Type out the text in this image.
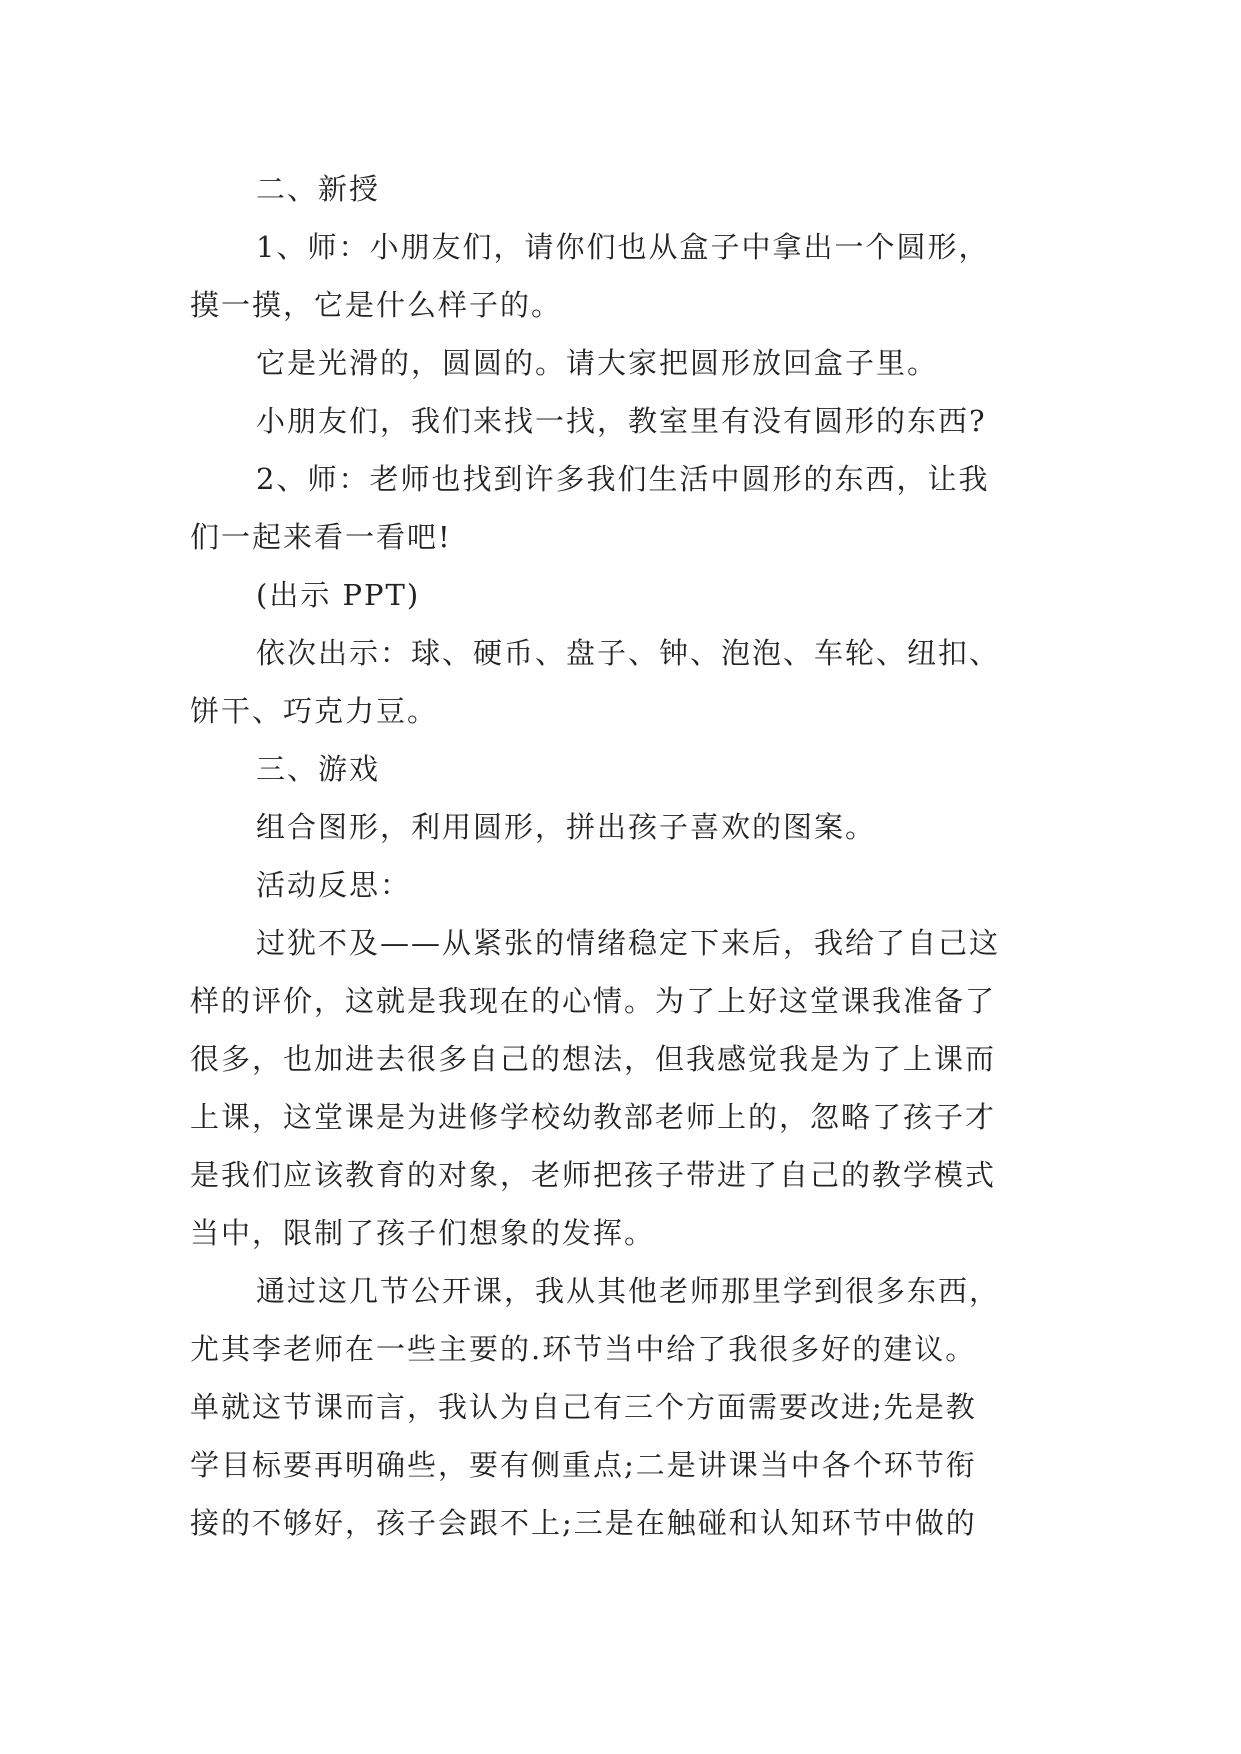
二、新授

1、师：小朋友们，请你们也从盒子中拿出一个圆形，
摸一摸，它是什么样子的。

它是光滑的，圆圆的。请大家把圆形放回盒子里。

小朋友们，我们来找一找，教室里有没有圆形的东西?

2、师：老师也找到许多我们生活中圆形的东西，让我
们一起来看一看吧!

(出示 PPT)

依次出示：球、硬币、盘子、钟、泡泡、车轮、纽扣、
饼干、巧克力豆。

三、游戏

组合图形，利用圆形，拼出孩子喜欢的图案。

活动反思：

过犹不及——从紧张的情绪稳定下来后，我给了自己这
样的评价，这就是我现在的心情。为了上好这堂课我准备了
很多，也加进去很多自己的想法，但我感觉我是为了上课而
上课，这堂课是为进修学校幼教部老师上的，忽略了孩子才
是我们应该教育的对象，老师把孩子带进了自己的教学模式
当中，限制了孩子们想象的发挥。

通过这几节公开课，我从其他老师那里学到很多东西，
尤其李老师在一些主要的.环节当中给了我很多好的建议。
单就这节课而言，我认为自己有三个方面需要改进;先是教
学目标要再明确些，要有侧重点;二是讲课当中各个环节衔
接的不够好，孩子会跟不上;三是在触碰和认知环节中做的
